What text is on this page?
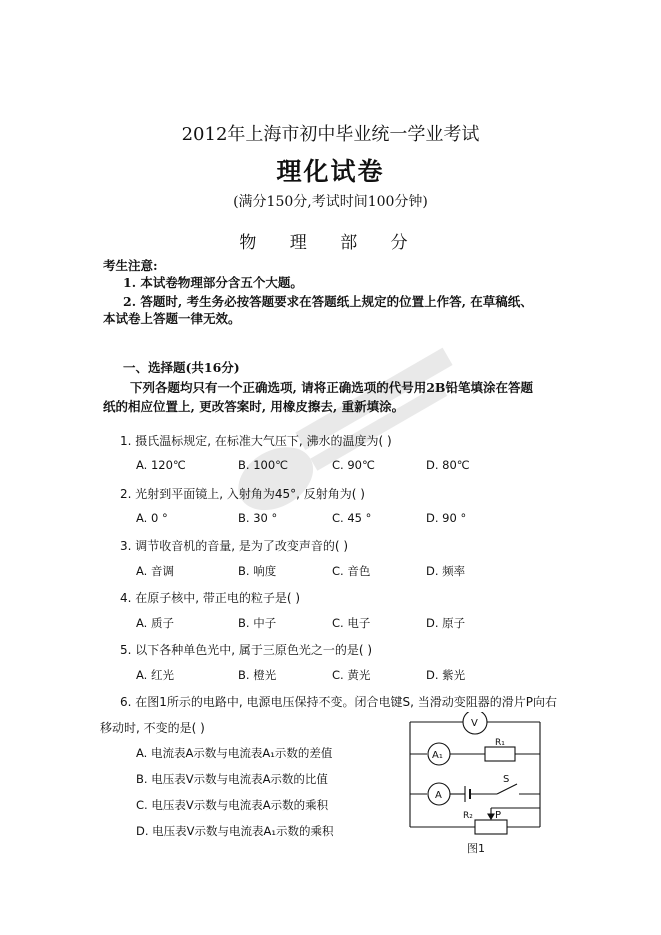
2012年上海市初中毕业统一学业考试
理化试卷
(满分150分,考试时间100分钟)
物 理 部 分
考生注意:
1. 本试卷物理部分含五个大题。
2. 答题时, 考生务必按答题要求在答题纸上规定的位置上作答, 在草稿纸、
本试卷上答题一律无效。
一、选择题(共16分)
下列各题均只有一个正确选项, 请将正确选项的代号用2B铅笔填涂在答题
纸的相应位置上, 更改答案时, 用橡皮擦去, 重新填涂。
1. 摄氏温标规定, 在标准大气压下, 沸水的温度为( )
A. 120℃	B. 100℃	C. 90℃	D. 80℃
2. 光射到平面镜上, 入射角为45°, 反射角为( )
A. 0 °	B. 30 °	C. 45 °	D. 90 °
3. 调节收音机的音量, 是为了改变声音的( )
A. 音调	B. 响度	C. 音色	D. 频率
4. 在原子核中, 带正电的粒子是( )
A. 质子	B. 中子	C. 电子	D. 原子
5. 以下各种单色光中, 属于三原色光之一的是( )
A. 红光	B. 橙光	C. 黄光	D. 紫光
6. 在图1所示的电路中, 电源电压保持不变。闭合电键S, 当滑动变阻器的滑片P向右
移动时, 不变的是( )
A. 电流表A示数与电流表A₁示数的差值
B. 电压表V示数与电流表A示数的比值
C. 电压表V示数与电流表A示数的乘积
D. 电压表V示数与电流表A₁示数的乘积
V
A₁
R₁
A
S
R₂ P
图1
